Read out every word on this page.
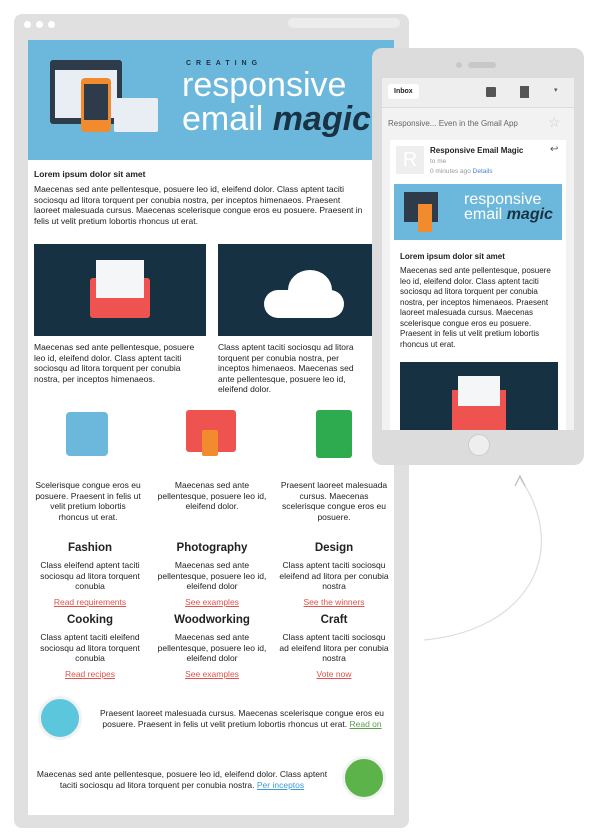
CREATING
responsive
email magic
Lorem ipsum dolor sit amet

Maecenas sed ante pellentesque, posuere leo id, eleifend dolor. Class aptent taciti sociosqu ad litora torquent per conubia nostra, per inceptos himenaeos. Praesent laoreet malesuada cursus. Maecenas scelerisque congue eros eu posuere. Praesent in felis ut velit pretium lobortis rhoncus ut erat.

Maecenas sed ante pellentesque, posuere leo id, eleifend dolor. Class aptent taciti sociosqu ad litora torquent per conubia nostra, per inceptos himenaeos.

Class aptent taciti sociosqu ad litora torquent per conubia nostra, per inceptos himenaeos. Maecenas sed ante pellentesque, posuere leo id, eleifend dolor.

Scelerisque congue eros eu posuere. Praesent in felis ut velit pretium lobortis rhoncus ut erat.

Maecenas sed ante pellentesque, posuere leo id, eleifend dolor.

Praesent laoreet malesuada cursus. Maecenas scelerisque congue eros eu posuere.

Fashion

Class eleifend aptent taciti sociosqu ad litora torquent conubia

Read requirements
Photography

Maecenas sed ante pellentesque, posuere leo id, eleifend dolor

See examples
Design

Class aptent taciti sociosqu eleifend ad litora per conubia nostra

See the winners
Cooking

Class aptent taciti eleifend sociosqu ad litora torquent conubia

Read recipes
Woodworking

Maecenas sed ante pellentesque, posuere leo id, eleifend dolor

See examples
Craft

Class aptent taciti sociosqu ad eleifend litora per conubia nostra

Vote now

Praesent laoreet malesuada cursus. Maecenas scelerisque congue eros eu posuere. Praesent in felis ut velit pretium lobortis rhoncus ut erat. Read on

Maecenas sed ante pellentesque, posuere leo id, eleifend dolor. Class aptent taciti sociosqu ad litora torquent per conubia nostra. Per inceptos

Inbox	▾
Responsive... Even in the Gmail App ☆
R	Responsive Email Magic	↩
to me
0 minutes ago Details
responsive
email magic
Lorem ipsum dolor sit amet

Maecenas sed ante pellentesque, posuere leo id, eleifend dolor. Class aptent taciti sociosqu ad litora torquent per conubia nostra, per inceptos himenaeos. Praesent laoreet malesuada cursus. Maecenas scelerisque congue eros eu posuere. Praesent in felis ut velit pretium lobortis rhoncus ut erat.
